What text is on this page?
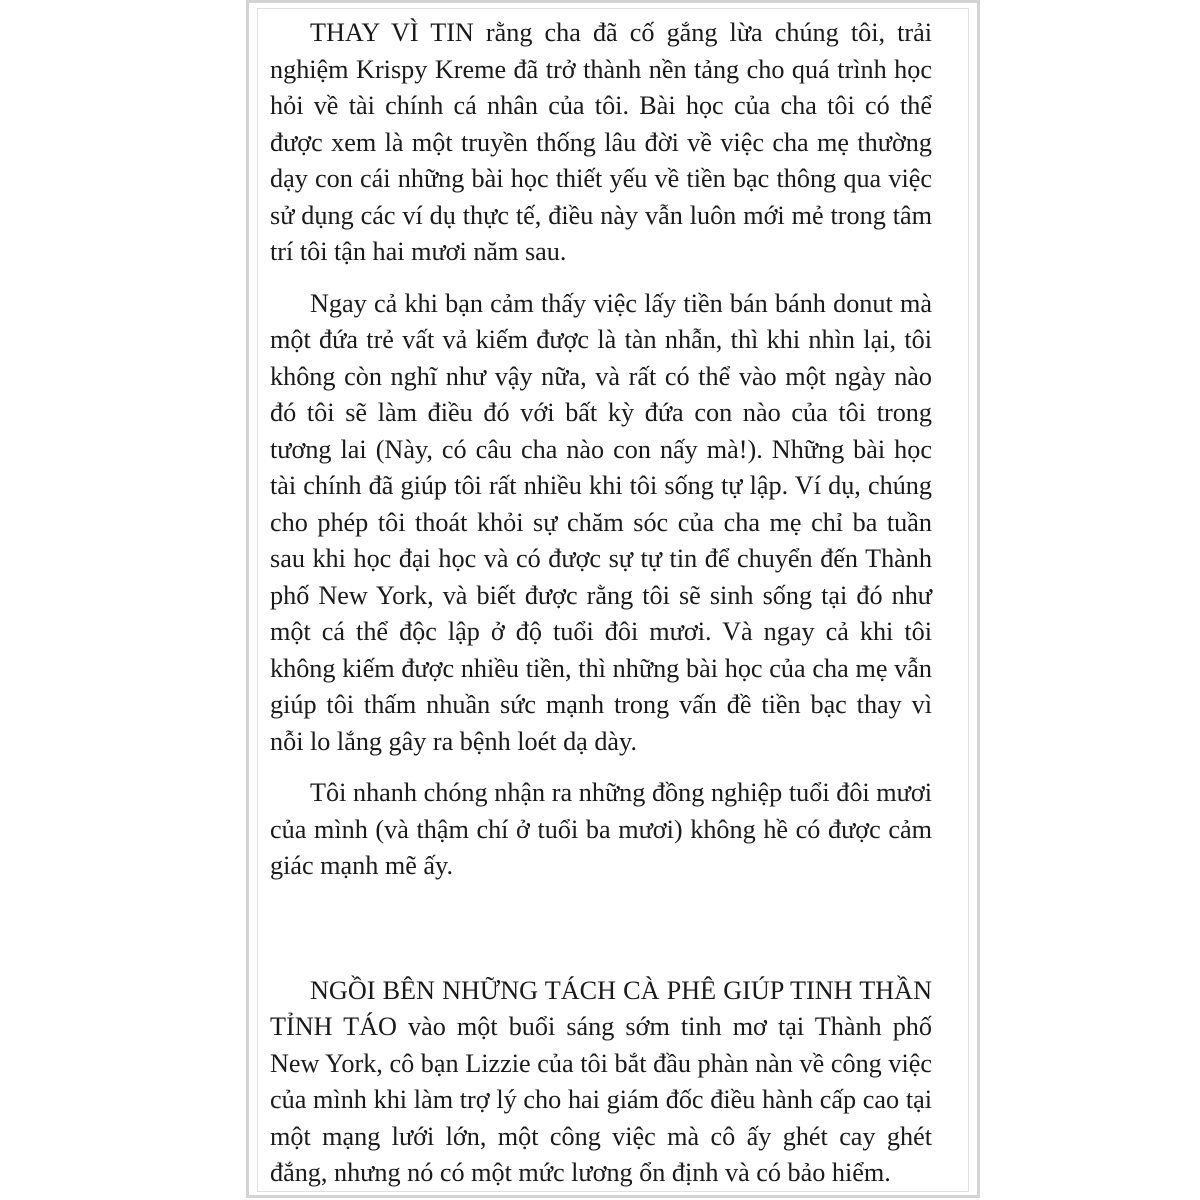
THAY VÌ TIN rằng cha đã cố gắng lừa chúng tôi, trải nghiệm Krispy Kreme đã trở thành nền tảng cho quá trình học hỏi về tài chính cá nhân của tôi. Bài học của cha tôi có thể được xem là một truyền thống lâu đời về việc cha mẹ thường dạy con cái những bài học thiết yếu về tiền bạc thông qua việc sử dụng các ví dụ thực tế, điều này vẫn luôn mới mẻ trong tâm trí tôi tận hai mươi năm sau.

Ngay cả khi bạn cảm thấy việc lấy tiền bán bánh donut mà một đứa trẻ vất vả kiếm được là tàn nhẫn, thì khi nhìn lại, tôi không còn nghĩ như vậy nữa, và rất có thể vào một ngày nào đó tôi sẽ làm điều đó với bất kỳ đứa con nào của tôi trong tương lai (Này, có câu cha nào con nấy mà!). Những bài học tài chính đã giúp tôi rất nhiều khi tôi sống tự lập. Ví dụ, chúng cho phép tôi thoát khỏi sự chăm sóc của cha mẹ chỉ ba tuần sau khi học đại học và có được sự tự tin để chuyển đến Thành phố New York, và biết được rằng tôi sẽ sinh sống tại đó như một cá thể độc lập ở độ tuổi đôi mươi. Và ngay cả khi tôi không kiếm được nhiều tiền, thì những bài học của cha mẹ vẫn giúp tôi thấm nhuần sức mạnh trong vấn đề tiền bạc thay vì nỗi lo lắng gây ra bệnh loét dạ dày.

Tôi nhanh chóng nhận ra những đồng nghiệp tuổi đôi mươi của mình (và thậm chí ở tuổi ba mươi) không hề có được cảm giác mạnh mẽ ấy.

NGỒI BÊN NHỮNG TÁCH CÀ PHÊ GIÚP TINH THẦN TỈNH TÁO vào một buổi sáng sớm tinh mơ tại Thành phố New York, cô bạn Lizzie của tôi bắt đầu phàn nàn về công việc của mình khi làm trợ lý cho hai giám đốc điều hành cấp cao tại một mạng lưới lớn, một công việc mà cô ấy ghét cay ghét đắng, nhưng nó có một mức lương ổn định và có bảo hiểm.
